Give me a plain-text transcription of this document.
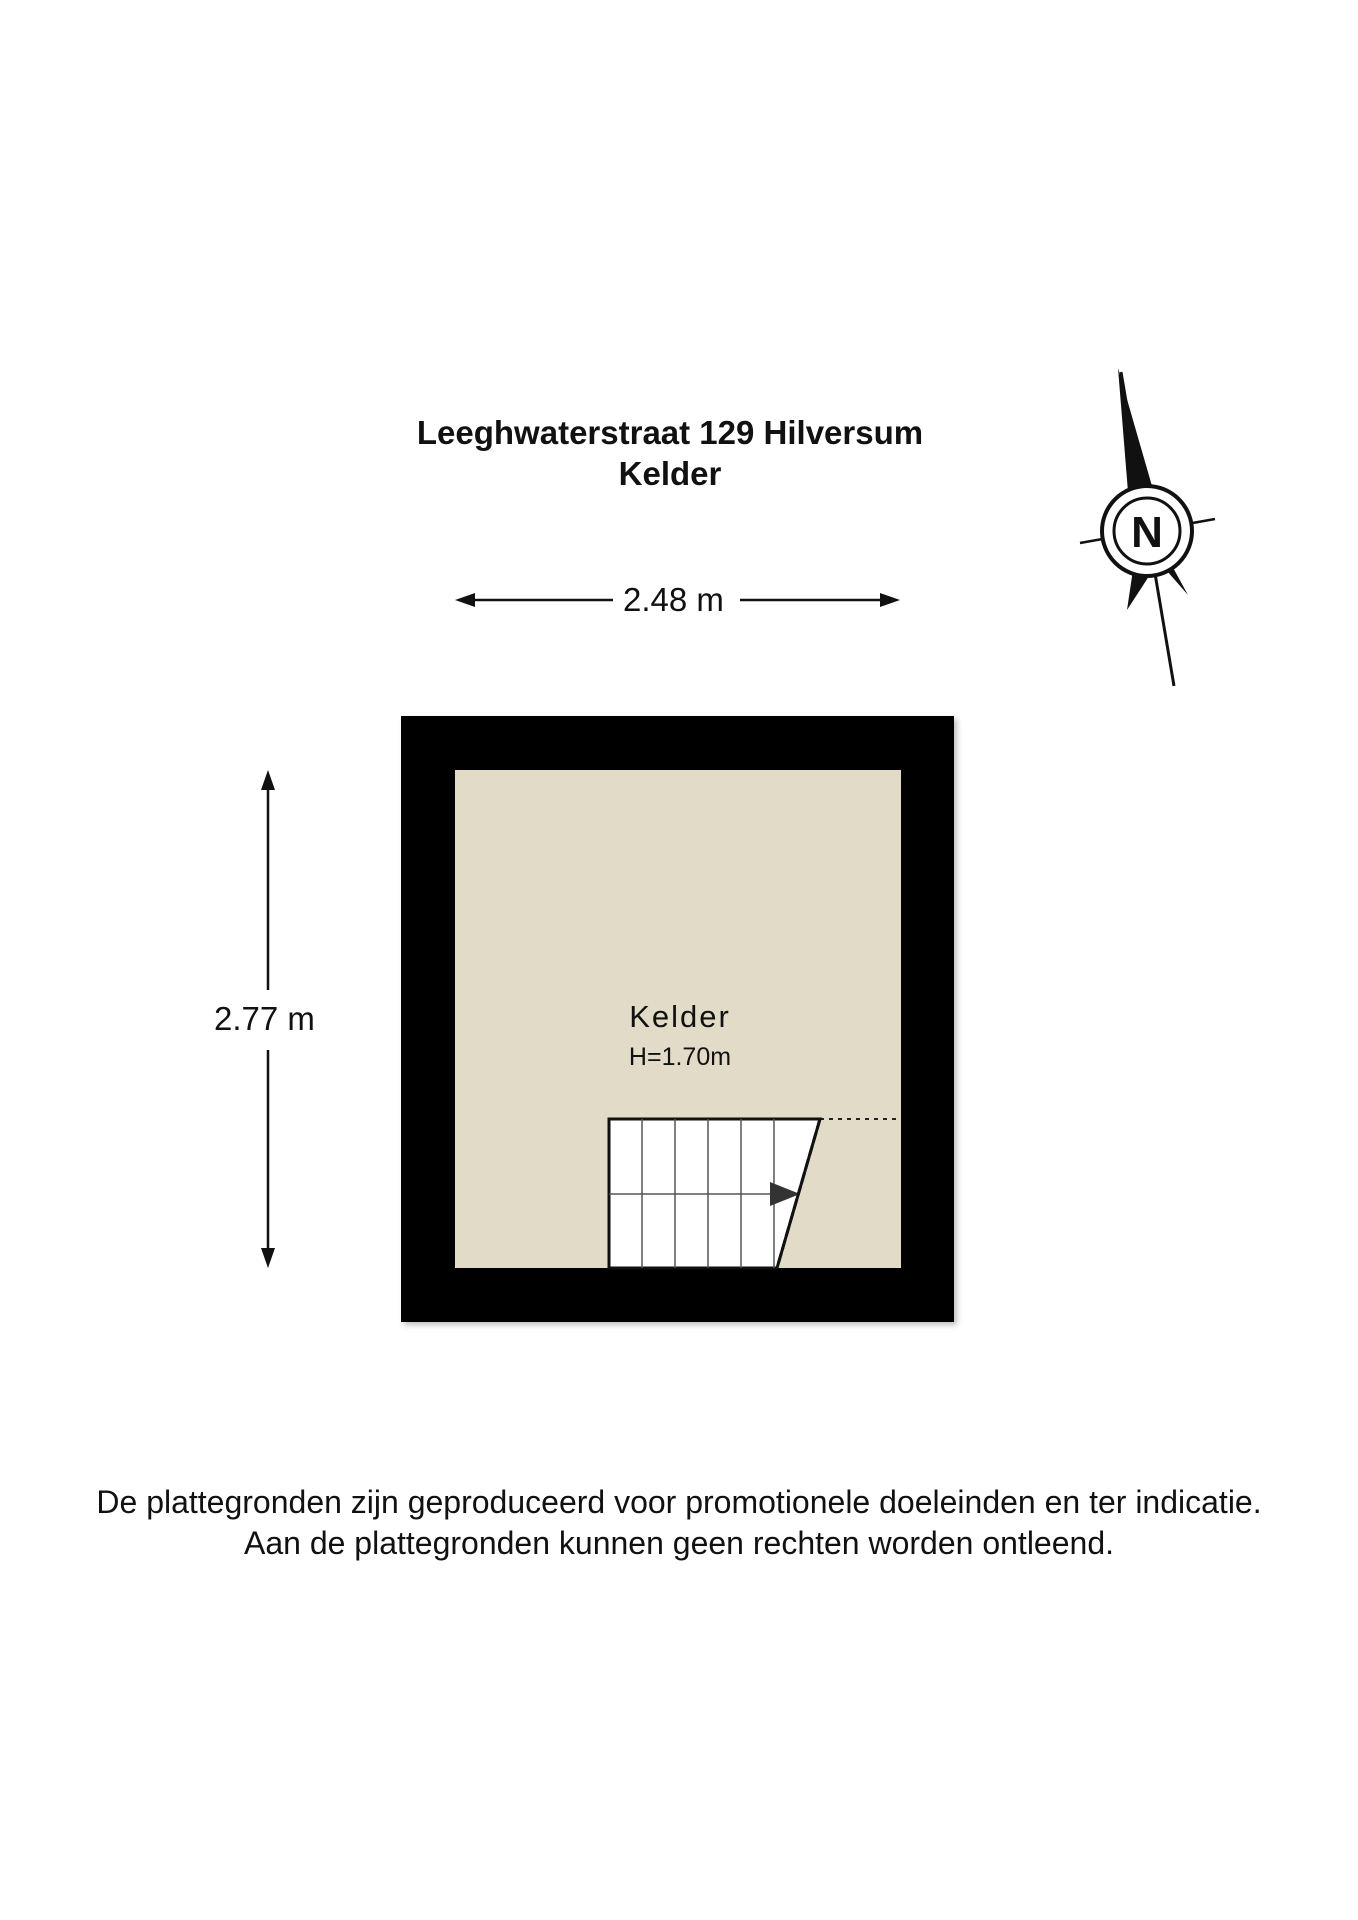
N
Leeghwaterstraat 129 Hilversum
Kelder
2.48 m
2.77 m	Kelder
H=1.70m
De plattegronden zijn geproduceerd voor promotionele doeleinden en ter indicatie.
Aan de plattegronden kunnen geen rechten worden ontleend.
